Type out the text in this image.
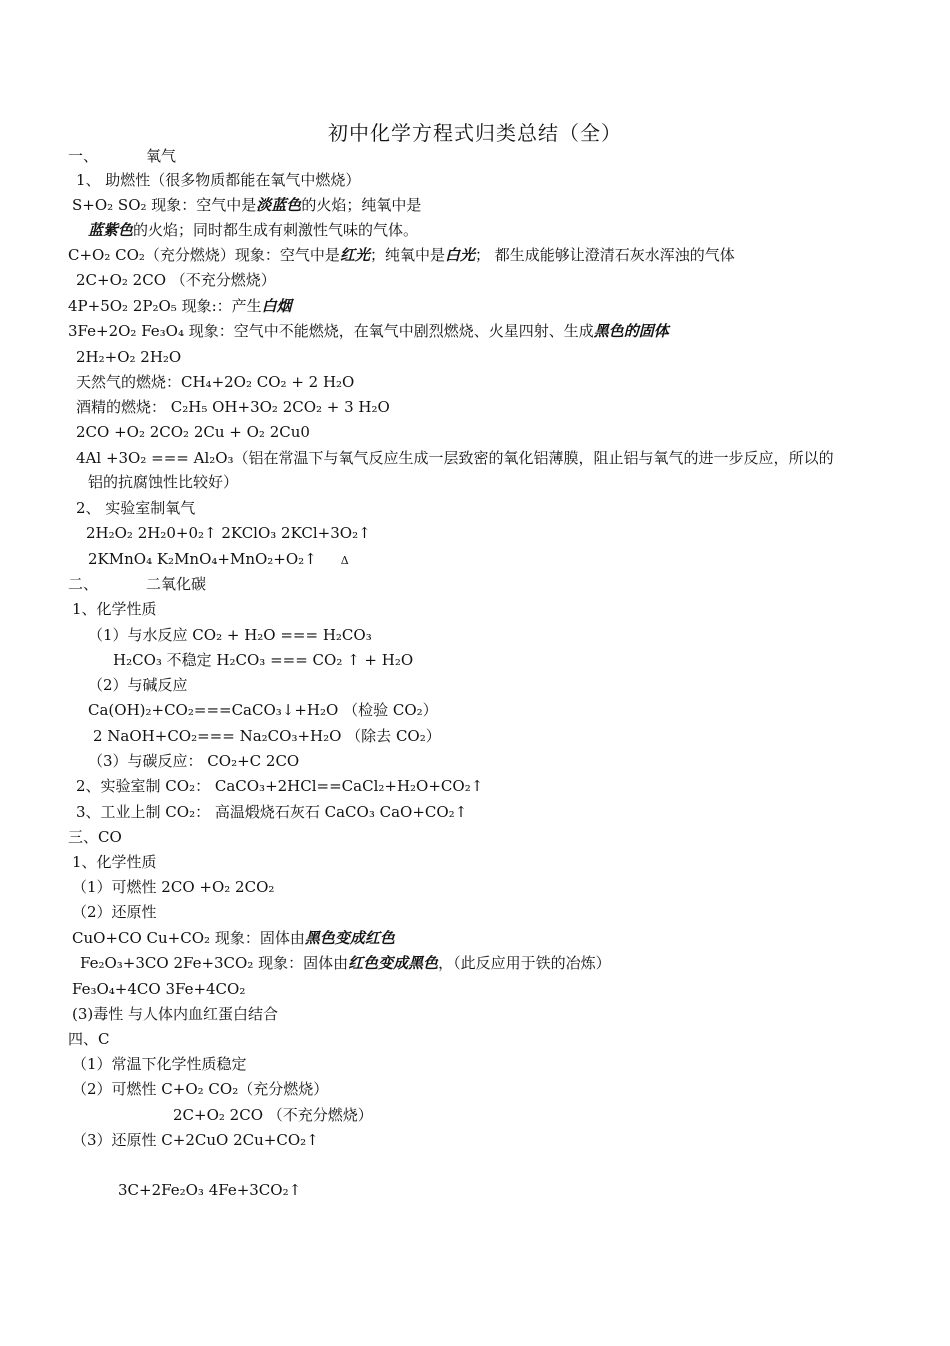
初中化学方程式归类总结（全）
一、	氧气
1、 助燃性（很多物质都能在氧气中燃烧）
S+O₂ SO₂ 现象：空气中是淡蓝色的火焰；纯氧中是
蓝紫色的火焰；同时都生成有刺激性气味的气体。
C+O₂ CO₂（充分燃烧）现象：空气中是红光；纯氧中是白光； 都生成能够让澄清石灰水浑浊的气体
2C+O₂ 2CO （不充分燃烧）
4P+5O₂ 2P₂O₅ 现象:：产生白烟
3Fe+2O₂ Fe₃O₄ 现象：空气中不能燃烧，在氧气中剧烈燃烧、火星四射、生成黑色的固体
2H₂+O₂ 2H₂O
天然气的燃烧：CH₄+2O₂ CO₂ + 2 H₂O
酒精的燃烧： C₂H₅ OH+3O₂ 2CO₂ + 3 H₂O
2CO +O₂ 2CO₂ 2Cu + O₂ 2Cu0
4Al +3O₂ === Al₂O₃（铝在常温下与氧气反应生成一层致密的氧化铝薄膜，阻止铝与氧气的进一步反应，所以的
铝的抗腐蚀性比较好）
2、 实验室制氧气
2H₂O₂ 2H₂0+0₂↑ 2KClO₃ 2KCl+3O₂↑
2KMnO₄ K₂MnO₄+MnO₂+O₂↑ Δ
二、	二氧化碳
1、化学性质
（1）与水反应 CO₂ + H₂O === H₂CO₃
H₂CO₃ 不稳定 H₂CO₃ === CO₂ ↑ + H₂O
（2）与碱反应
Ca(OH)₂+CO₂===CaCO₃↓+H₂O （检验 CO₂）
2 NaOH+CO₂=== Na₂CO₃+H₂O （除去 CO₂）
（3）与碳反应： CO₂+C 2CO
2、实验室制 CO₂： CaCO₃+2HCl==CaCl₂+H₂O+CO₂↑
3、工业上制 CO₂： 高温煅烧石灰石 CaCO₃ CaO+CO₂↑
三、CO
1、化学性质
（1）可燃性 2CO +O₂ 2CO₂
（2）还原性
CuO+CO Cu+CO₂ 现象：固体由黑色变成红色
Fe₂O₃+3CO 2Fe+3CO₂ 现象：固体由红色变成黑色，（此反应用于铁的冶炼）
Fe₃O₄+4CO 3Fe+4CO₂
(3)毒性 与人体内血红蛋白结合
四、C
（1）常温下化学性质稳定
（2）可燃性 C+O₂ CO₂（充分燃烧）
2C+O₂ 2CO （不充分燃烧）
（3）还原性 C+2CuO 2Cu+CO₂↑
3C+2Fe₂O₃ 4Fe+3CO₂↑
